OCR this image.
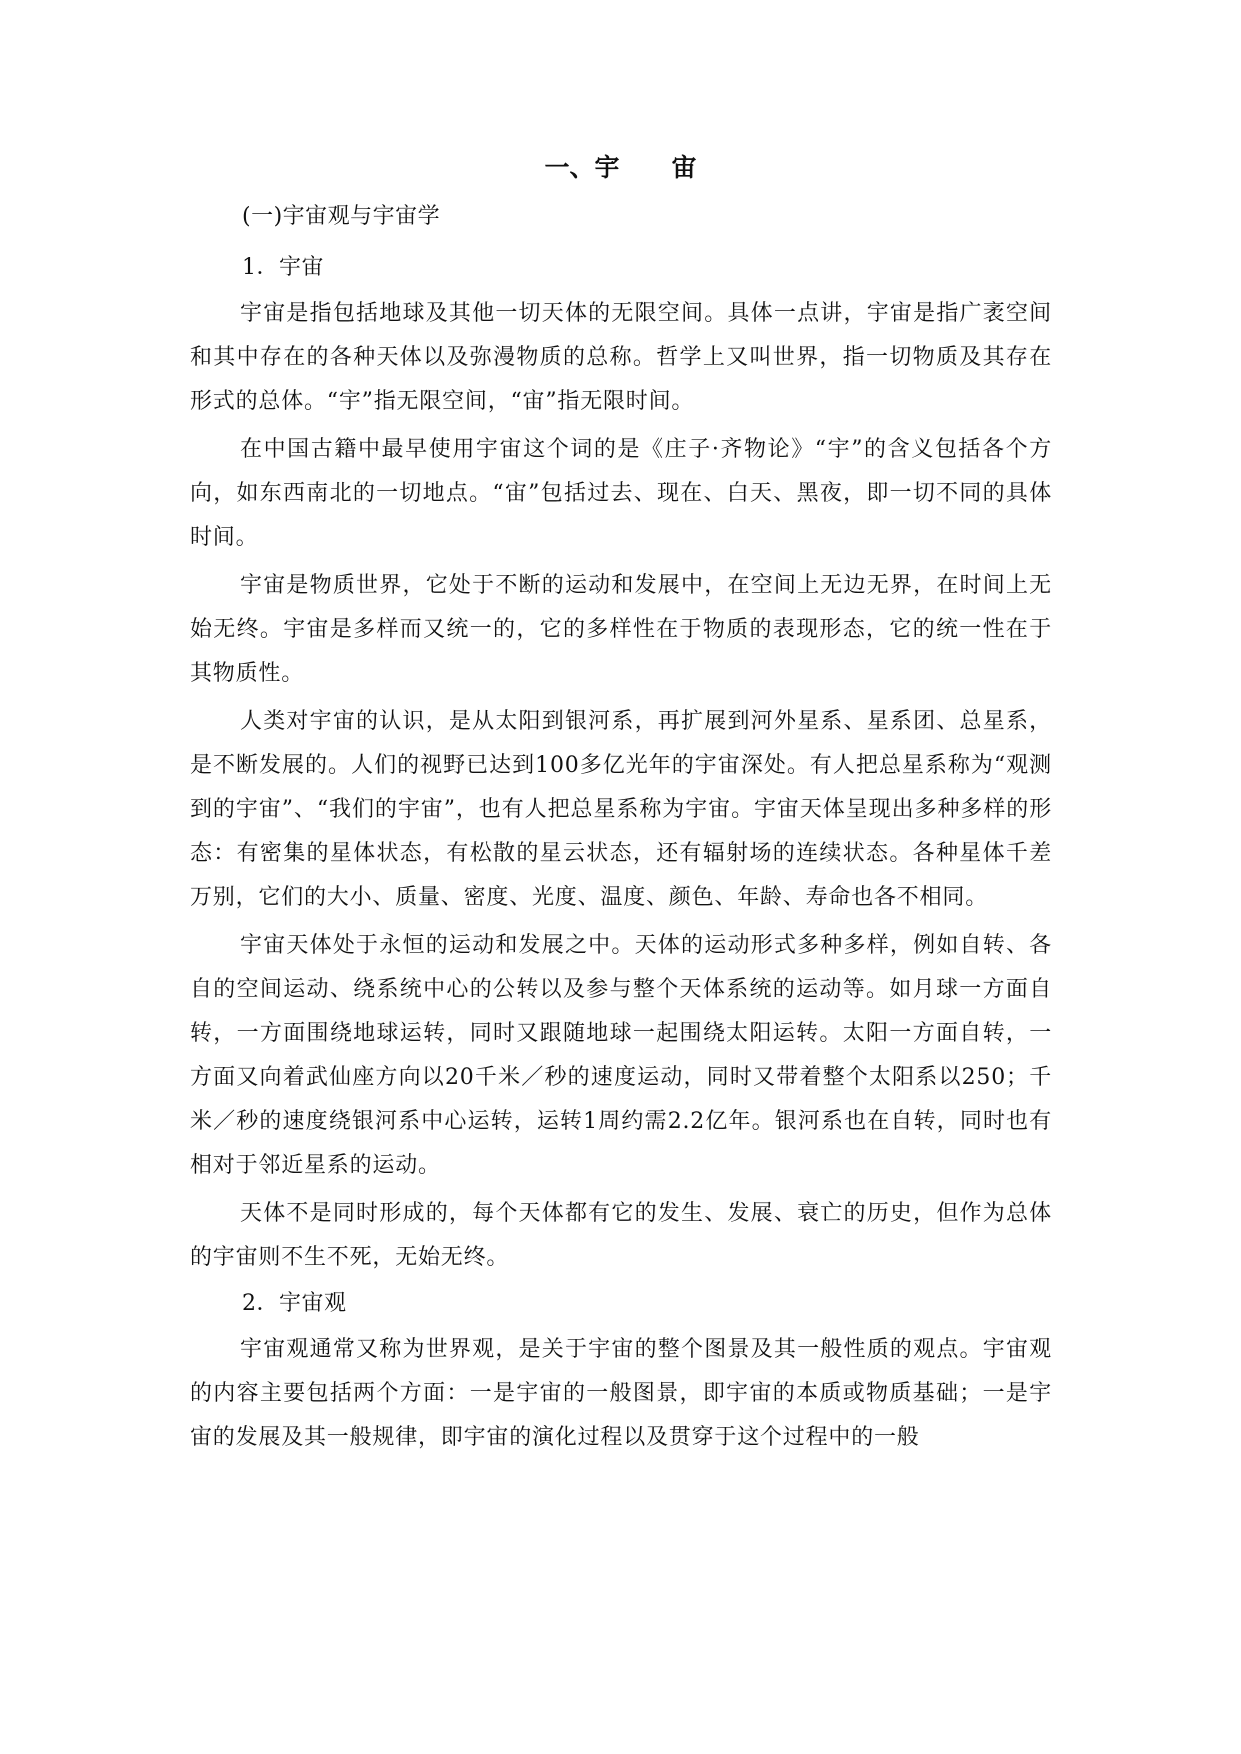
一、宇 宙
(一)宇宙观与宇宙学
1．宇宙

宇宙是指包括地球及其他一切天体的无限空间。具体一点讲，宇宙是指广袤空间和其中存在的各种天体以及弥漫物质的总称。哲学上又叫世界，指一切物质及其存在形式的总体。“宇”指无限空间，“宙”指无限时间。

在中国古籍中最早使用宇宙这个词的是《庄子·齐物论》“宇”的含义包括各个方向，如东西南北的一切地点。“宙”包括过去、现在、白天、黑夜，即一切不同的具体时间。

宇宙是物质世界，它处于不断的运动和发展中，在空间上无边无界，在时间上无始无终。宇宙是多样而又统一的，它的多样性在于物质的表现形态，它的统一性在于其物质性。

人类对宇宙的认识，是从太阳到银河系，再扩展到河外星系、星系团、总星系，是不断发展的。人们的视野已达到100多亿光年的宇宙深处。有人把总星系称为“观测到的宇宙”、“我们的宇宙”，也有人把总星系称为宇宙。宇宙天体呈现出多种多样的形态：有密集的星体状态，有松散的星云状态，还有辐射场的连续状态。各种星体千差万别，它们的大小、质量、密度、光度、温度、颜色、年龄、寿命也各不相同。

宇宙天体处于永恒的运动和发展之中。天体的运动形式多种多样，例如自转、各自的空间运动、绕系统中心的公转以及参与整个天体系统的运动等。如月球一方面自转，一方面围绕地球运转，同时又跟随地球一起围绕太阳运转。太阳一方面自转，一方面又向着武仙座方向以20千米／秒的速度运动，同时又带着整个太阳系以250；千米／秒的速度绕银河系中心运转，运转1周约需2.2亿年。银河系也在自转，同时也有相对于邻近星系的运动。

天体不是同时形成的，每个天体都有它的发生、发展、衰亡的历史，但作为总体的宇宙则不生不死，无始无终。

2．宇宙观

宇宙观通常又称为世界观，是关于宇宙的整个图景及其一般性质的观点。宇宙观的内容主要包括两个方面：一是宇宙的一般图景，即宇宙的本质或物质基础；一是宇宙的发展及其一般规律，即宇宙的演化过程以及贯穿于这个过程中的一般
